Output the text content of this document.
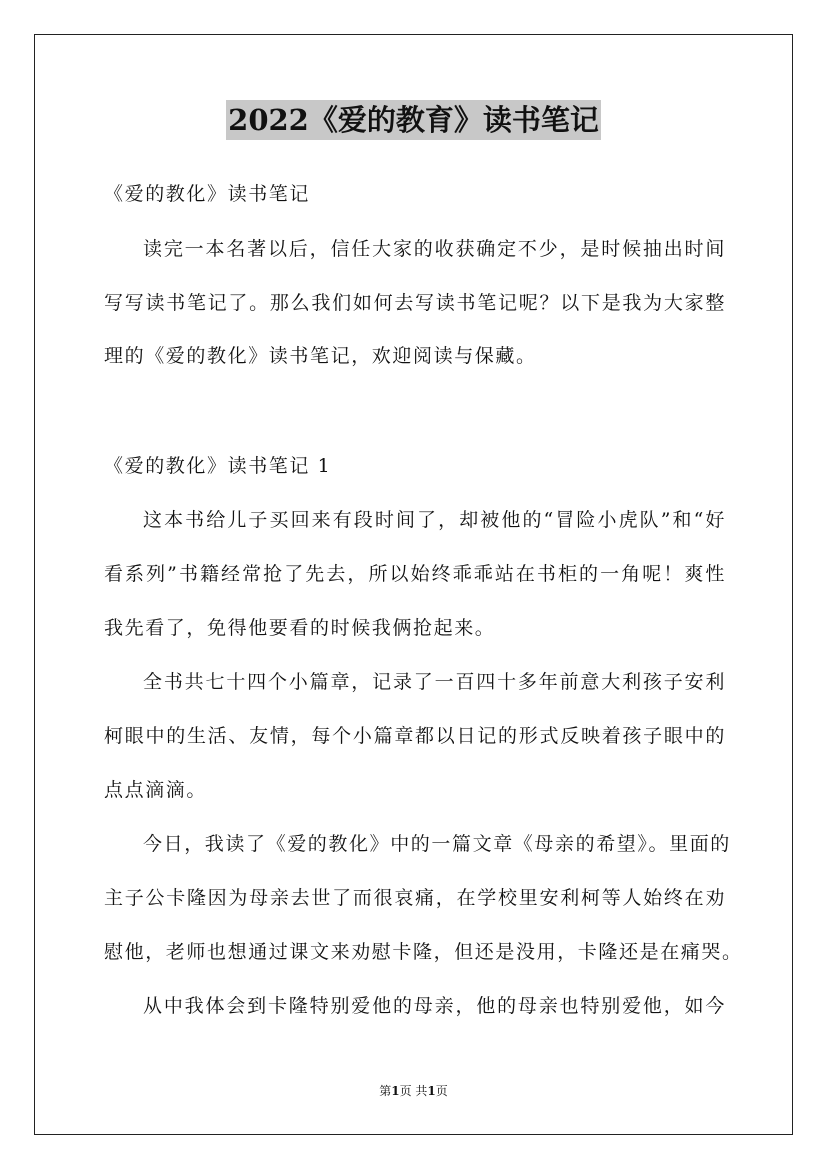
2022《爱的教育》读书笔记
《爱的教化》读书笔记
读完一本名著以后，信任大家的收获确定不少，是时候抽出时间
写写读书笔记了。那么我们如何去写读书笔记呢？以下是我为大家整
理的《爱的教化》读书笔记，欢迎阅读与保藏。
《爱的教化》读书笔记 1
这本书给儿子买回来有段时间了，却被他的“冒险小虎队”和“好
看系列”书籍经常抢了先去，所以始终乖乖站在书柜的一角呢！爽性
我先看了，免得他要看的时候我俩抢起来。
全书共七十四个小篇章，记录了一百四十多年前意大利孩子安利
柯眼中的生活、友情，每个小篇章都以日记的形式反映着孩子眼中的
点点滴滴。
今日，我读了《爱的教化》中的一篇文章《母亲的希望》。里面的
主子公卡隆因为母亲去世了而很哀痛，在学校里安利柯等人始终在劝
慰他，老师也想通过课文来劝慰卡隆，但还是没用，卡隆还是在痛哭。
从中我体会到卡隆特别爱他的母亲，他的母亲也特别爱他，如今
第1页 共1页
